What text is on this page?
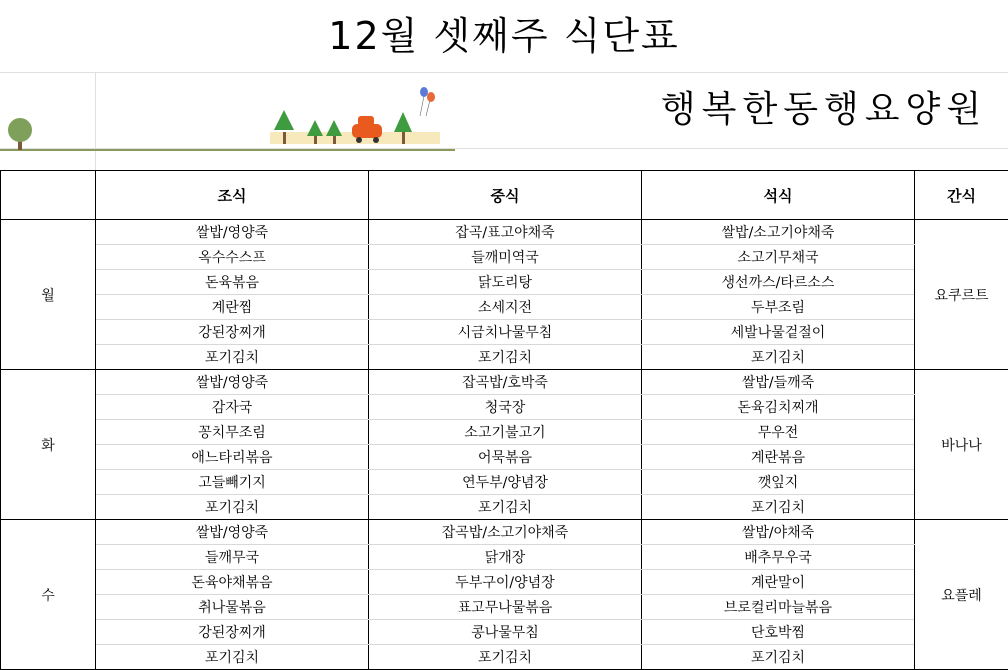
12월 셋째주 식단표
행복한동행요양원
	조식	중식	석식	간식
월	쌀밥/영양죽	잡곡/표고야채죽	쌀밥/소고기야채죽	요쿠르트
	옥수수스프	들깨미역국	소고기무채국	
	돈육볶음	닭도리탕	생선까스/타르소스	
	계란찜	소세지전	두부조림	
	강된장찌개	시금치나물무침	세발나물겉절이	
	포기김치	포기김치	포기김치	
화	쌀밥/영양죽	잡곡밥/호박죽	쌀밥/들깨죽	바나나
	감자국	청국장	돈육김치찌개	
	꽁치무조림	소고기불고기	무우전	
	애느타리볶음	어묵볶음	계란볶음	
	고들빼기지	연두부/양념장	깻잎지	
	포기김치	포기김치	포기김치	
수	쌀밥/영양죽	잡곡밥/소고기야채죽	쌀밥/야채죽	요플레
	들깨무국	닭개장	배추무우국	
	돈육야채볶음	두부구이/양념장	계란말이	
	취나물볶음	표고무나물볶음	브로컬리마늘볶음	
	강된장찌개	콩나물무침	단호박찜	
	포기김치	포기김치	포기김치	
